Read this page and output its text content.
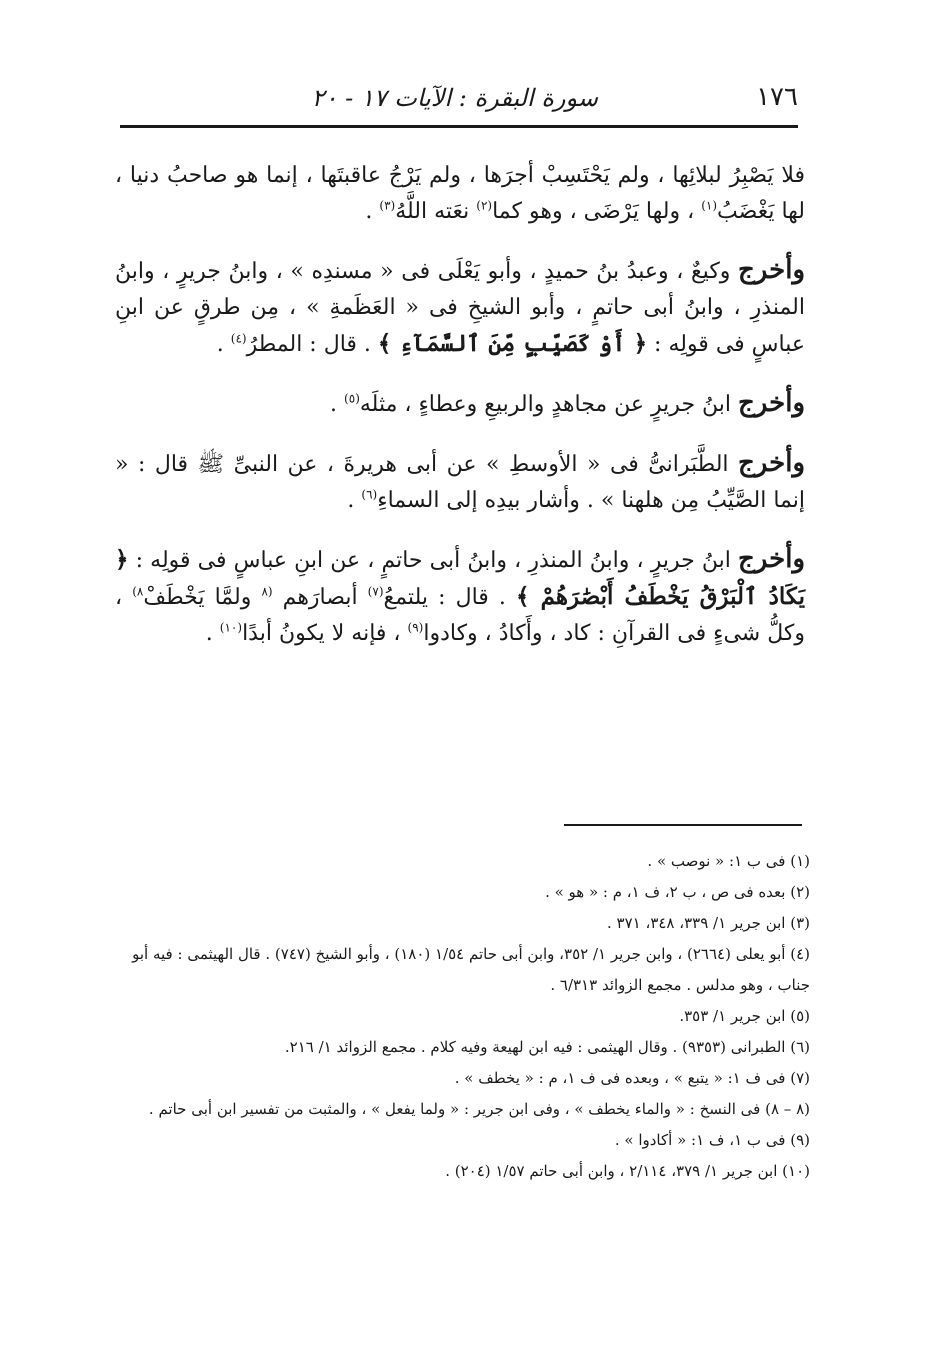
١٧٦
سورة البقرة : الآيات ١٧ - ٢٠

فلا يَصْبِرُ لبلائِها ، ولم يَحْتَسِبْ أجرَها ، ولم يَرْجُ عاقبتَها ، إنما هو صاحبُ دنيا ، لها يَغْضَبُ$^{(١)}$ ، ولها يَرْضَى ، وهو كما$^{(٢)}$ نعَته اللَّهُ$^{(٣)}$ .

وأخرج وكيعٌ ، وعبدُ بنُ حميدٍ ، وأبو يَعْلَى فى « مسندِه » ، وابنُ جريرٍ ، وابنُ المنذرِ ، وابنُ أبى حاتمٍ ، وأبو الشيخِ فى « العَظَمةِ » ، مِن طرقٍ عن ابنِ عباسٍ فى قولِه : ﴿ أَوْ كَصَيِّبٍ مِّنَ ٱلسَّمَآءِ ﴾ . قال : المطرُ$^{(٤)}$ .

وأخرج ابنُ جريرٍ عن مجاهدٍ والربيعِ وعطاءٍ ، مثلَه$^{(٥)}$ .

وأخرج الطَّبَرانىُّ فى « الأوسطِ » عن أبى هريرةَ ، عن النبىِّ ﷺ قال : « إنما الصَّيِّبُ مِن هلهنا » . وأشار بيدِه إلى السماءِ$^{(٦)}$ .

وأخرج ابنُ جريرٍ ، وابنُ المنذرِ ، وابنُ أبى حاتمٍ ، عن ابنِ عباسٍ فى قولِه : ﴿ يَكَادُ ٱلْبَرْقُ يَخْطَفُ أَبْصَٰرَهُمْ ﴾ . قال : يلتمعُ$^{(٧)}$ أبصارَهم $^{(٨}$ ولمَّا يَخْطَفْ$^{٨)}$ ، وكلُّ شىءٍ فى القرآنِ : كاد ، وأَكادُ ، وكادوا$^{(٩)}$ ، فإنه لا يكونُ أبدًا$^{(١٠)}$ .

(١) فى ب ١: « نوصب » .

(٢) بعده فى ص ، ب ٢، ف ١، م : « هو » .

(٣) ابن جرير ١/ ٣٣٩، ٣٤٨، ٣٧١ .

(٤) أبو يعلى (٢٦٦٤) ، وابن جرير ١/ ٣٥٢، وابن أبى حاتم ١/٥٤ (١٨٠) ، وأبو الشيخ (٧٤٧) . قال الهيثمى : فيه أبو جناب ، وهو مدلس . مجمع الزوائد ٦/٣١٣ .

(٥) ابن جرير ١/ ٣٥٣.

(٦) الطبرانى (٩٣٥٣) . وقال الهيثمى : فيه ابن لهيعة وفيه كلام . مجمع الزوائد ١/ ٢١٦.

(٧) فى ف ١: « يتبع » ، وبعده فى ف ١، م : « يخطف » .

(٨ – ٨) فى النسخ : « والماء يخطف » ، وفى ابن جرير : « ولما يفعل » ، والمثبت من تفسير ابن أبى حاتم .

(٩) فى ب ١، ف ١: « أكادوا » .

(١٠) ابن جرير ١/ ٣٧٩، ٢/١١٤ ، وابن أبى حاتم ١/٥٧ (٢٠٤) .
